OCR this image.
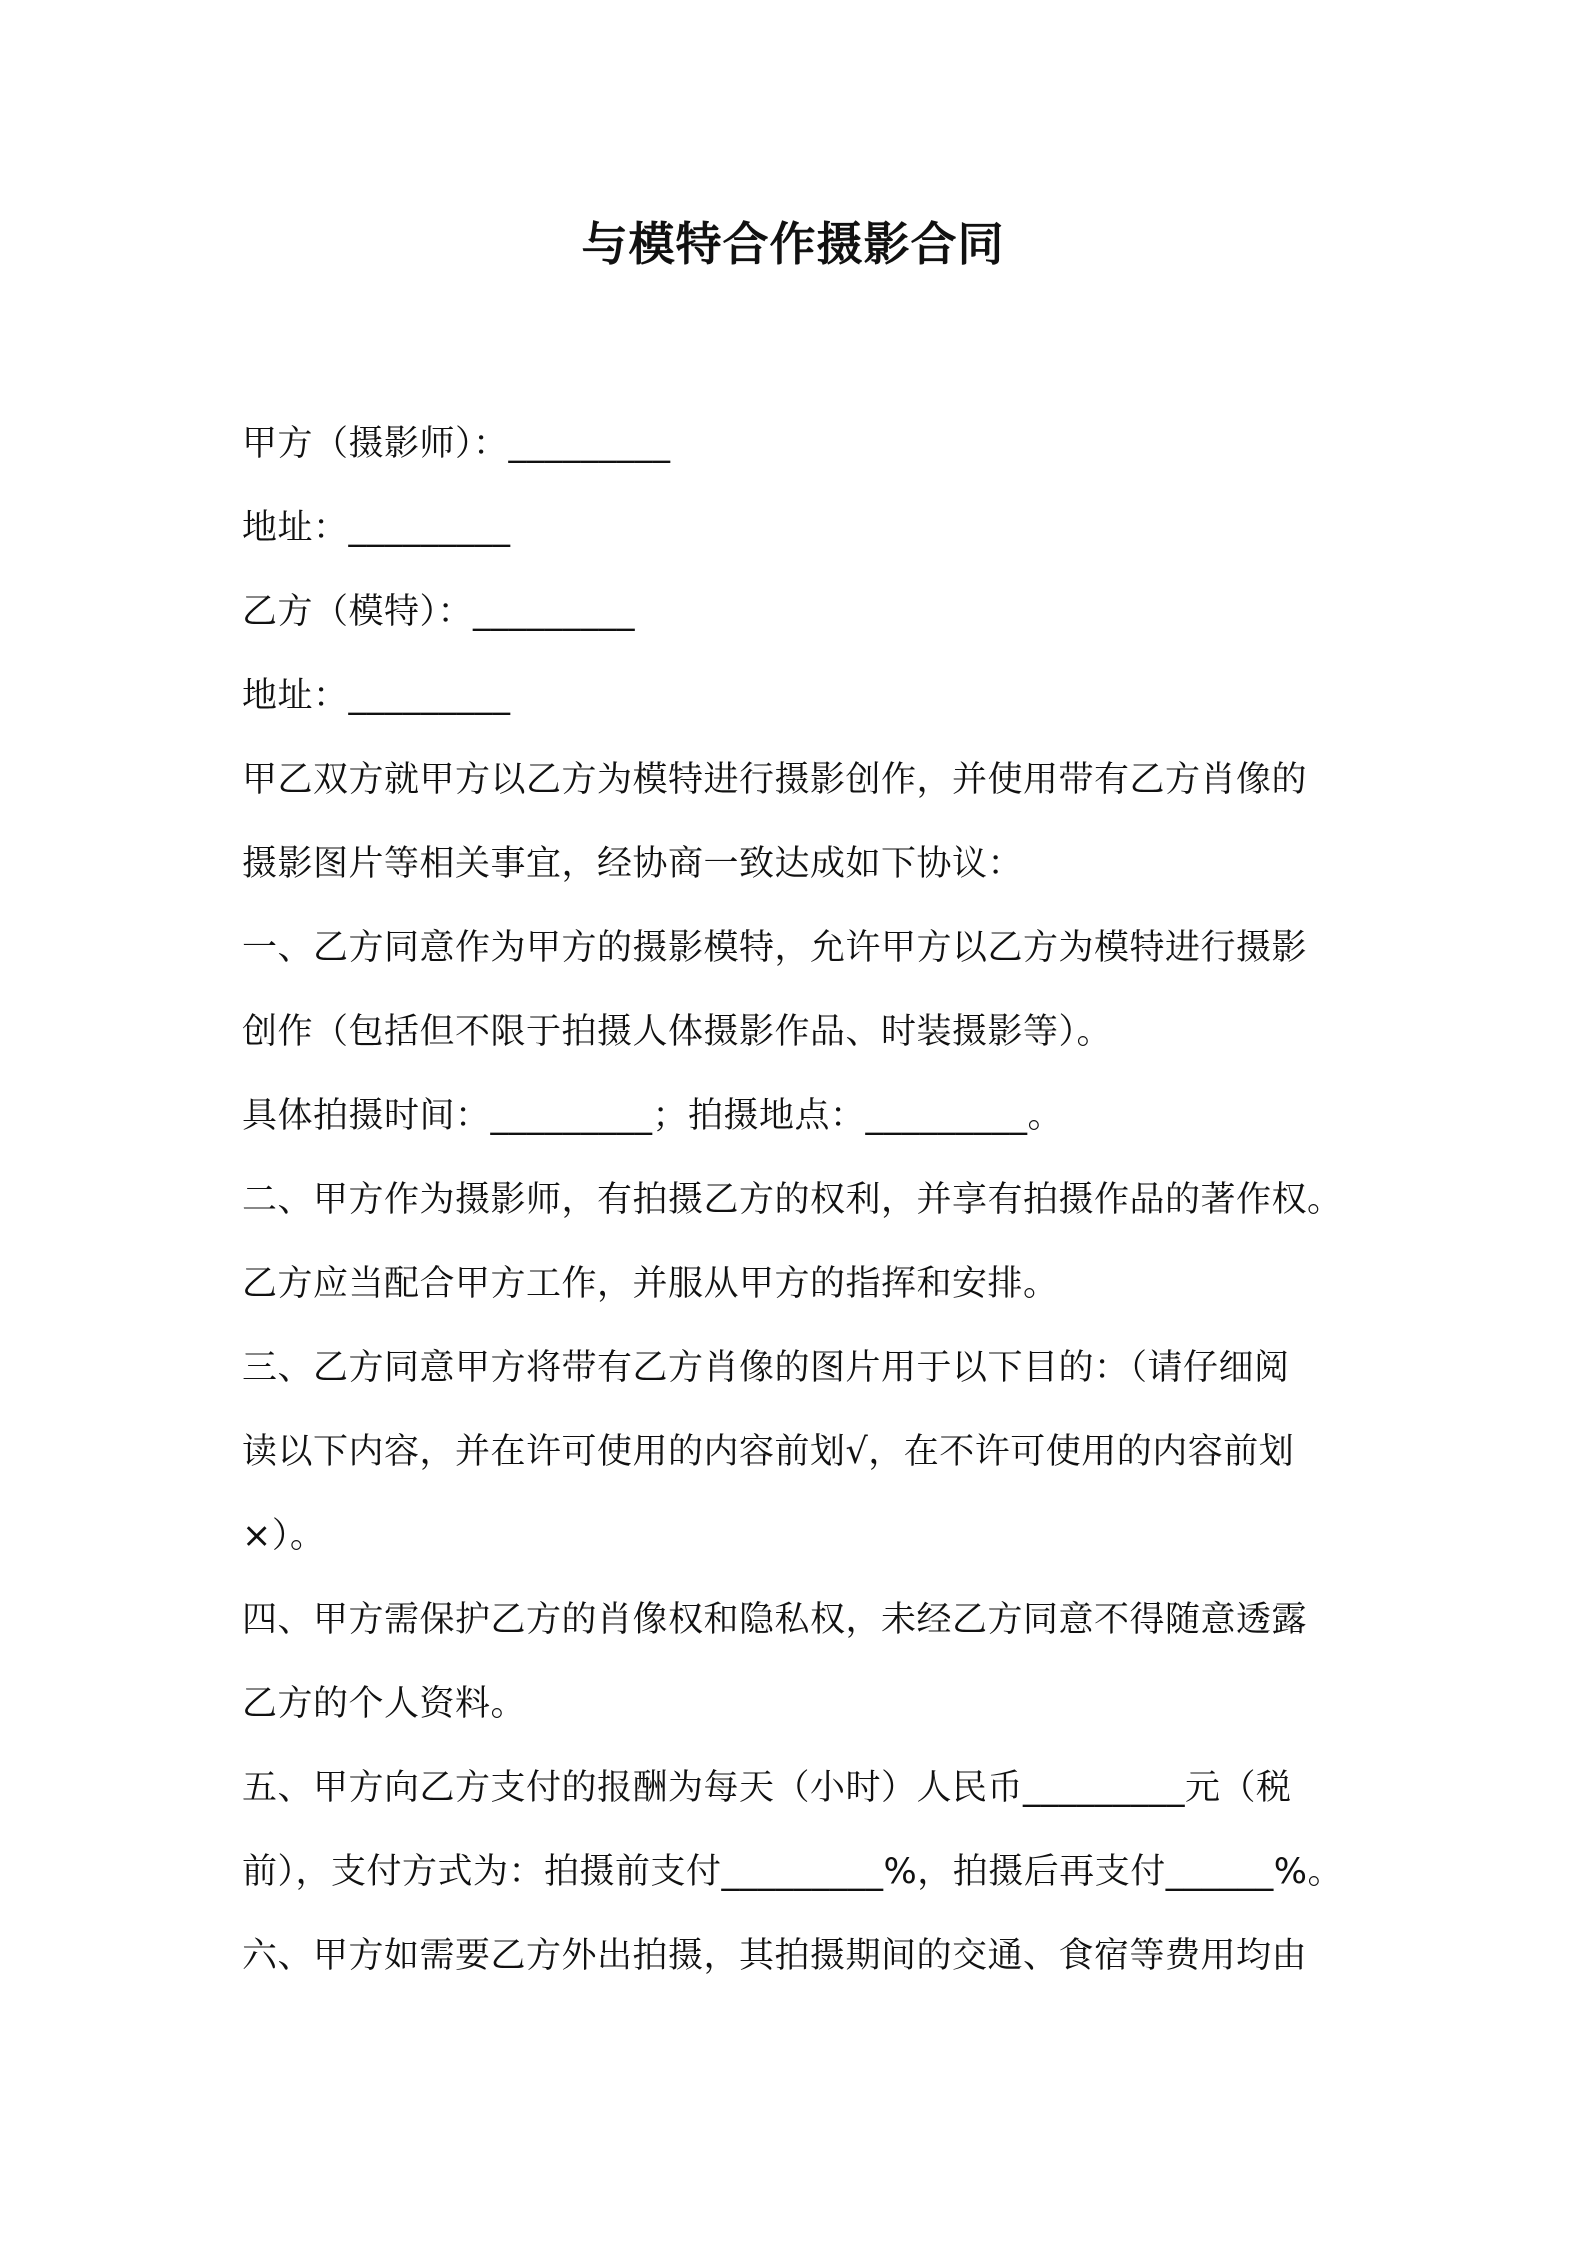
与模特合作摄影合同
甲方（摄影师）：_________
地址：_________
乙方（模特）：_________
地址：_________
甲乙双方就甲方以乙方为模特进行摄影创作，并使用带有乙方肖像的
摄影图片等相关事宜，经协商一致达成如下协议：
一、乙方同意作为甲方的摄影模特，允许甲方以乙方为模特进行摄影
创作（包括但不限于拍摄人体摄影作品、时装摄影等）。
具体拍摄时间：_________；拍摄地点：_________。
二、甲方作为摄影师，有拍摄乙方的权利，并享有拍摄作品的著作权。
乙方应当配合甲方工作，并服从甲方的指挥和安排。
三、乙方同意甲方将带有乙方肖像的图片用于以下目的：（请仔细阅
读以下内容，并在许可使用的内容前划√，在不许可使用的内容前划
×）。
四、甲方需保护乙方的肖像权和隐私权，未经乙方同意不得随意透露
乙方的个人资料。
五、甲方向乙方支付的报酬为每天（小时）人民币_________元（税
前），支付方式为：拍摄前支付_________%，拍摄后再支付______%。
六、甲方如需要乙方外出拍摄，其拍摄期间的交通、食宿等费用均由
